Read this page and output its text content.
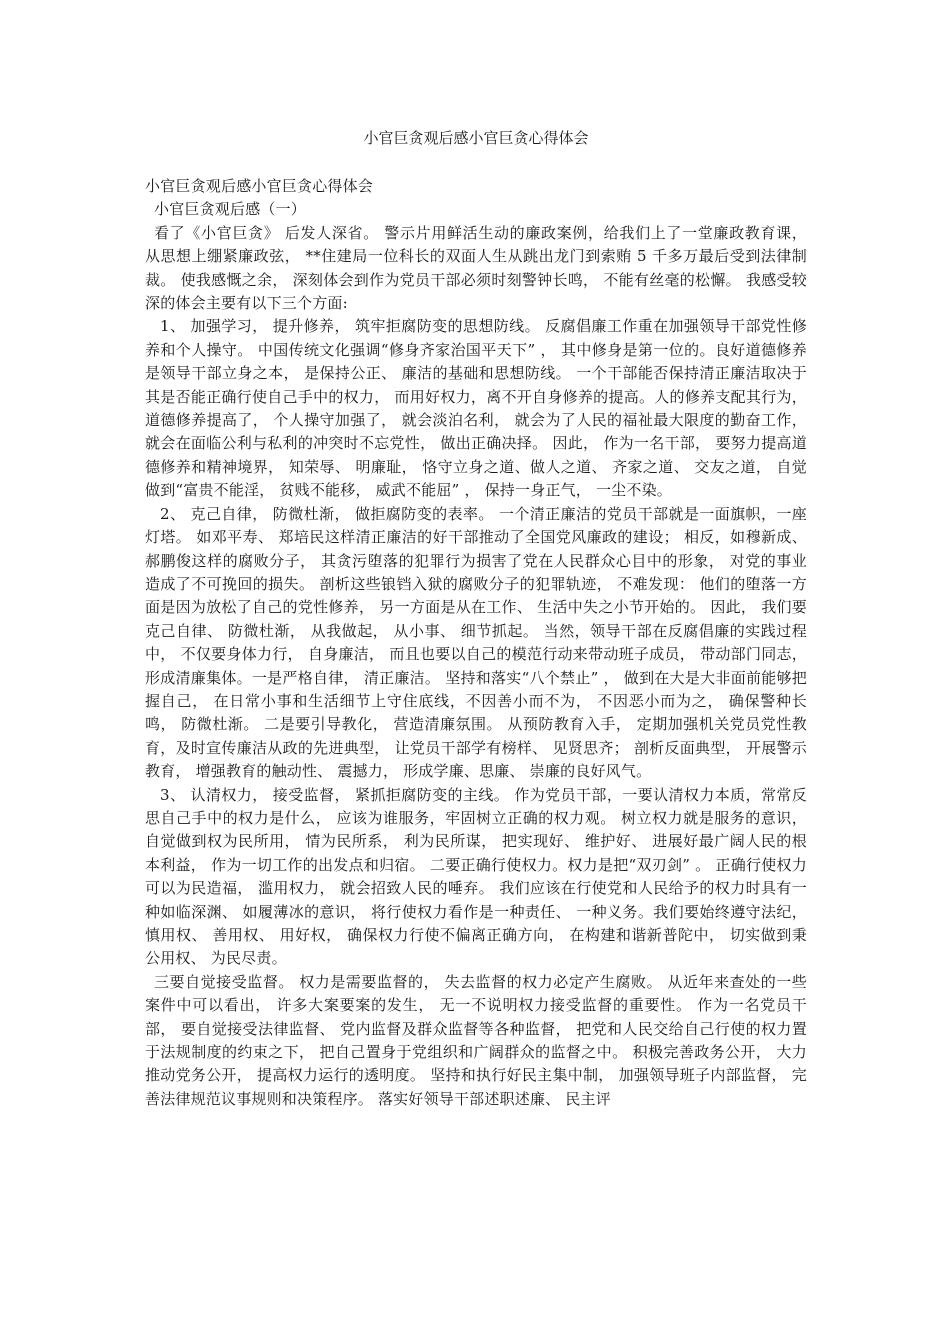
小官巨贪观后感小官巨贪心得体会

小官巨贪观后感小官巨贪心得体会

小官巨贪观后感（一）

看了《小官巨贪》 后发人深省。 警示片用鲜活生动的廉政案例，给我们上了一堂廉政教育课， 从思想上绷紧廉政弦， **住建局一位科长的双面人生从跳出龙门到索贿 5 千多万最后受到法律制裁。 使我感慨之余， 深刻体会到作为党员干部必须时刻警钟长鸣， 不能有丝毫的松懈。 我感受较深的体会主要有以下三个方面:

1、 加强学习， 提升修养， 筑牢拒腐防变的思想防线。 反腐倡廉工作重在加强领导干部党性修养和个人操守。 中国传统文化强调“修身齐家治国平天下” ， 其中修身是第一位的。良好道德修养是领导干部立身之本， 是保持公正、 廉洁的基础和思想防线。 一个干部能否保持清正廉洁取决于其是否能正确行使自己手中的权力， 而用好权力，离不开自身修养的提高。人的修养支配其行为， 道德修养提高了， 个人操守加强了， 就会淡泊名利， 就会为了人民的福祉最大限度的勤奋工作， 就会在面临公利与私利的冲突时不忘党性， 做出正确决择。 因此， 作为一名干部， 要努力提高道德修养和精神境界， 知荣辱、 明廉耻， 恪守立身之道、做人之道、 齐家之道、 交友之道， 自觉做到“富贵不能淫， 贫贱不能移， 威武不能屈” ， 保持一身正气， 一尘不染。

2、 克己自律， 防微杜渐， 做拒腐防变的表率。 一个清正廉洁的党员干部就是一面旗帜，一座灯塔。 如邓平寿、 郑培民这样清正廉洁的好干部推动了全国党风廉政的建设； 相反，如穆新成、 郝鹏俊这样的腐败分子， 其贪污堕落的犯罪行为损害了党在人民群众心目中的形象， 对党的事业造成了不可挽回的损失。 剖析这些锒铛入狱的腐败分子的犯罪轨迹， 不难发现： 他们的堕落一方面是因为放松了自己的党性修养， 另一方面是从在工作、 生活中失之小节开始的。 因此， 我们要克己自律、 防微杜渐， 从我做起， 从小事、 细节抓起。 当然，领导干部在反腐倡廉的实践过程中， 不仅要身体力行， 自身廉洁， 而且也要以自己的模范行动来带动班子成员， 带动部门同志， 形成清廉集体。一是严格自律， 清正廉洁。 坚持和落实“八个禁止” ， 做到在大是大非面前能够把握自己， 在日常小事和生活细节上守住底线，不因善小而不为， 不因恶小而为之， 确保警种长鸣， 防微杜渐。 二是要引导教化， 营造清廉氛围。 从预防教育入手， 定期加强机关党员党性教育，及时宣传廉洁从政的先进典型， 让党员干部学有榜样、 见贤思齐； 剖析反面典型， 开展警示教育， 增强教育的触动性、 震撼力， 形成学廉、思廉、 崇廉的良好风气。

3、 认清权力， 接受监督， 紧抓拒腐防变的主线。 作为党员干部，一要认清权力本质，常常反思自己手中的权力是什么， 应该为谁服务，牢固树立正确的权力观。 树立权力就是服务的意识， 自觉做到权为民所用， 情为民所系， 利为民所谋， 把实现好、 维护好、 进展好最广阔人民的根本利益， 作为一切工作的出发点和归宿。 二要正确行使权力。权力是把“双刃剑” 。 正确行使权力可以为民造福， 滥用权力， 就会招致人民的唾弃。 我们应该在行使党和人民给予的权力时具有一种如临深渊、 如履薄冰的意识， 将行使权力看作是一种责任、 一种义务。我们要始终遵守法纪， 慎用权、 善用权、 用好权， 确保权力行使不偏离正确方向， 在构建和谐新普陀中， 切实做到秉公用权、 为民尽责。

三要自觉接受监督。 权力是需要监督的， 失去监督的权力必定产生腐败。 从近年来查处的一些案件中可以看出， 许多大案要案的发生， 无一不说明权力接受监督的重要性。 作为一名党员干部， 要自觉接受法律监督、 党内监督及群众监督等各种监督， 把党和人民交给自己行使的权力置于法规制度的约束之下， 把自己置身于党组织和广阔群众的监督之中。 积极完善政务公开， 大力推动党务公开， 提高权力运行的透明度。 坚持和执行好民主集中制， 加强领导班子内部监督， 完善法律规范议事规则和决策程序。 落实好领导干部述职述廉、 民主评
